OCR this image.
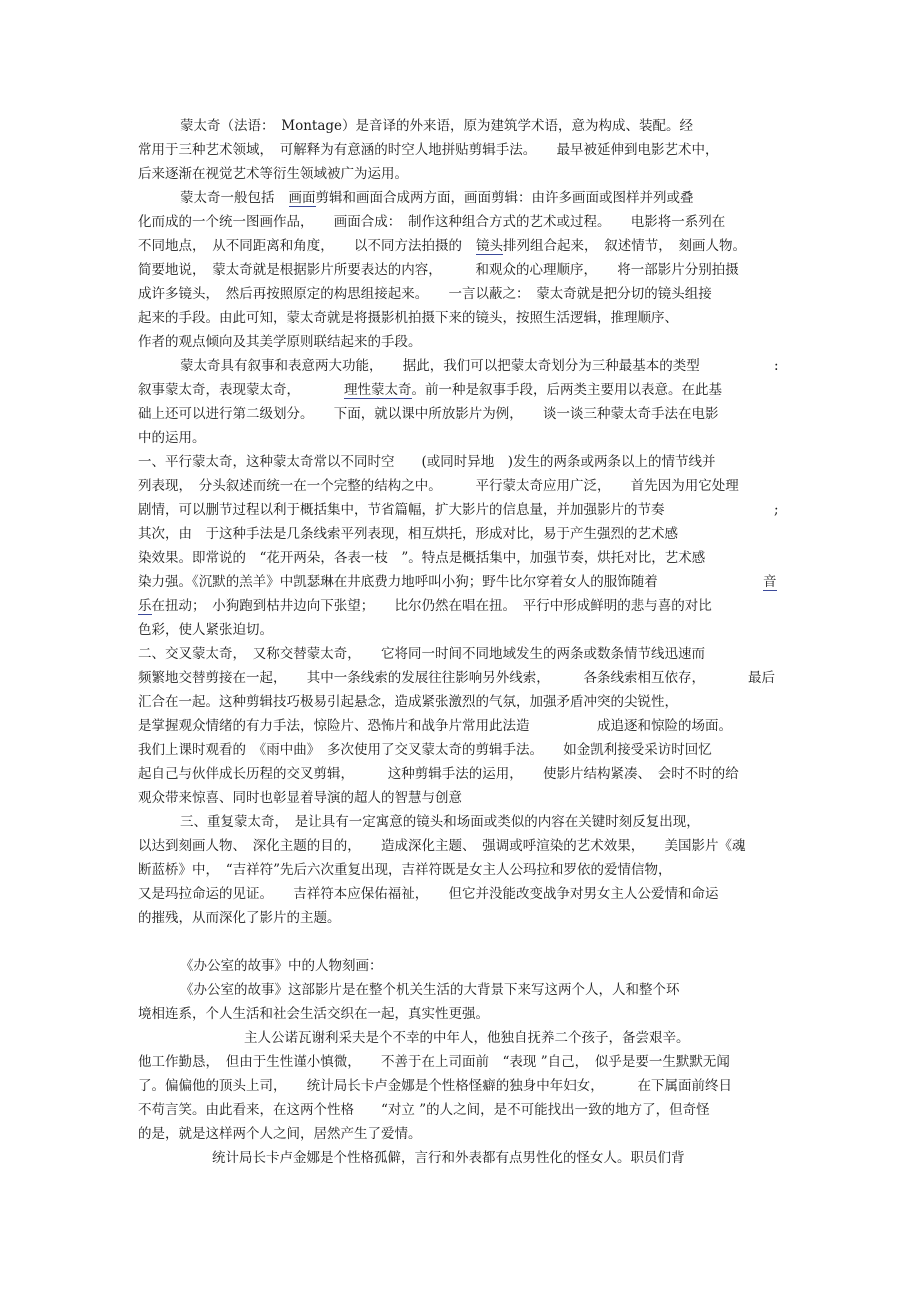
蒙太奇（法语：　Montage）是音译的外来语，原为建筑学术语，意为构成、装配。经
常用于三种艺术领域，　可解释为有意涵的时空人地拼贴剪辑手法。　　最早被延伸到电影艺术中，
后来逐渐在视觉艺术等衍生领域被广为运用。
蒙太奇一般包括 画面剪辑和画面合成两方面，画面剪辑：由许多画面或图样并列或叠
化而成的一个统一图画作品，　　画面合成：　制作这种组合方式的艺术或过程。　　电影将一系列在
不同地点，　从不同距离和角度，　　以不同方法拍摄的 镜头排列组合起来，　叙述情节，　刻画人物。
简要地说，　蒙太奇就是根据影片所要表达的内容，　　　和观众的心理顺序，　　将一部影片分别拍摄
成许多镜头，　然后再按照原定的构思组接起来。　　一言以蔽之：　蒙太奇就是把分切的镜头组接
起来的手段。由此可知，蒙太奇就是将摄影机拍摄下来的镜头，按照生活逻辑，推理顺序、
作者的观点倾向及其美学原则联结起来的手段。
蒙太奇具有叙事和表意两大功能，　　据此，我们可以把蒙太奇划分为三种最基本的类型	:
叙事蒙太奇，表现蒙太奇，	理性蒙太奇。前一种是叙事手段，后两类主要用以表意。在此基
础上还可以进行第二级划分。　　下面，就以课中所放影片为例，　　谈一谈三种蒙太奇手法在电影
中的运用。
一、平行蒙太奇，这种蒙太奇常以不同时空　　(或同时异地　)发生的两条或两条以上的情节线并
列表现，　分头叙述而统一在一个完整的结构之中。　　　平行蒙太奇应用广泛，　　首先因为用它处理
剧情，可以删节过程以利于概括集中，节省篇幅，扩大影片的信息量，并加强影片的节奏	;
其次，由　于这种手法是几条线索平列表现，相互烘托，形成对比，易于产生强烈的艺术感
染效果。即常说的　“花开两朵，各表一枝　”。特点是概括集中，加强节奏，烘托对比，艺术感
染力强。《沉默的羔羊》中凯瑟琳在井底费力地呼叫小狗；野牛比尔穿着女人的服饰随着	音
乐在扭动；　小狗跑到枯井边向下张望；　　比尔仍然在唱在扭。　平行中形成鲜明的悲与喜的对比
色彩，使人紧张迫切。
二、交叉蒙太奇，　又称交替蒙太奇，　　它将同一时间不同地域发生的两条或数条情节线迅速而
频繁地交替剪接在一起，　　其中一条线索的发展往往影响另外线索，　　　各条线索相互依存，	最后
汇合在一起。这种剪辑技巧极易引起悬念，造成紧张激烈的气氛，加强矛盾冲突的尖锐性，
是掌握观众情绪的有力手法，惊险片、恐怖片和战争片常用此法造　　　　　成追逐和惊险的场面。
我们上课时观看的　《雨中曲》　多次使用了交叉蒙太奇的剪辑手法。　　如金凯利接受采访时回忆
起自己与伙伴成长历程的交叉剪辑，　　　这种剪辑手法的运用，　　使影片结构紧凑、　会时不时的给
观众带来惊喜、同时也彰显着导演的超人的智慧与创意
三、重复蒙太奇，　是让具有一定寓意的镜头和场面或类似的内容在关键时刻反复出现，
以达到刻画人物、　深化主题的目的，　　造成深化主题、　强调或呼渲染的艺术效果，　　美国影片《魂
断蓝桥》中，　“吉祥符”先后六次重复出现，吉祥符既是女主人公玛拉和罗依的爱情信物，
又是玛拉命运的见证。　　吉祥符本应保佑福祉，　　但它并没能改变战争对男女主人公爱情和命运
的摧残，从而深化了影片的主题。
《办公室的故事》中的人物刻画：
《办公室的故事》这部影片是在整个机关生活的大背景下来写这两个人，人和整个环
境相连系，个人生活和社会生活交织在一起，真实性更强。
主人公诺瓦谢利采夫是个不幸的中年人，他独自抚养二个孩子，备尝艰辛。
他工作勤恳，　但由于生性谨小慎微，　　不善于在上司面前　“表现 ”自己，　似乎是要一生默默无闻
了。偏偏他的顶头上司，　　统计局长卡卢金娜是个性格怪癖的独身中年妇女，　　　在下属面前终日
不苟言笑。由此看来，在这两个性格　　“对立 ”的人之间，是不可能找出一致的地方了，但奇怪
的是，就是这样两个人之间，居然产生了爱情。
统计局长卡卢金娜是个性格孤僻，言行和外表都有点男性化的怪女人。职员们背
